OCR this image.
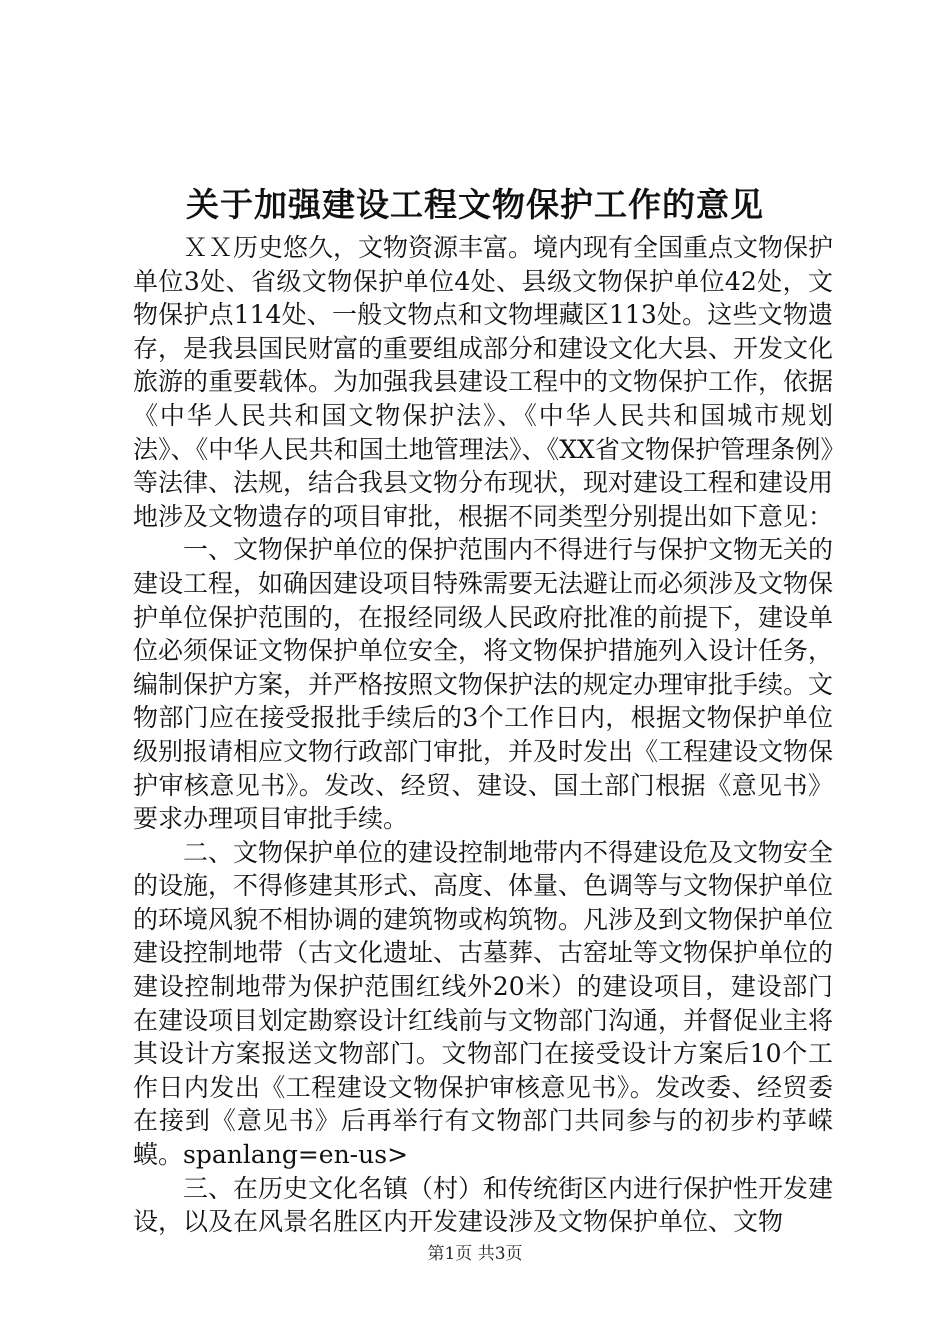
关于加强建设工程文物保护工作的意见

ＸＸ历史悠久，文物资源丰富。境内现有全国重点文物保护单位3处、省级文物保护单位4处、县级文物保护单位42处，文物保护点114处、一般文物点和文物埋藏区113处。这些文物遗存，是我县国民财富的重要组成部分和建设文化大县、开发文化旅游的重要载体。为加强我县建设工程中的文物保护工作，依据《中华人民共和国文物保护法》、《中华人民共和国城市规划法》、《中华人民共和国土地管理法》、《XX省文物保护管理条例》等法律、法规，结合我县文物分布现状，现对建设工程和建设用地涉及文物遗存的项目审批，根据不同类型分别提出如下意见：

一、文物保护单位的保护范围内不得进行与保护文物无关的建设工程，如确因建设项目特殊需要无法避让而必须涉及文物保护单位保护范围的，在报经同级人民政府批准的前提下，建设单位必须保证文物保护单位安全，将文物保护措施列入设计任务，编制保护方案，并严格按照文物保护法的规定办理审批手续。文物部门应在接受报批手续后的3个工作日内，根据文物保护单位级别报请相应文物行政部门审批，并及时发出《工程建设文物保护审核意见书》。发改、经贸、建设、国土部门根据《意见书》要求办理项目审批手续。

二、文物保护单位的建设控制地带内不得建设危及文物安全的设施，不得修建其形式、高度、体量、色调等与文物保护单位的环境风貌不相协调的建筑物或构筑物。凡涉及到文物保护单位建设控制地带（古文化遗址、古墓葬、古窑址等文物保护单位的建设控制地带为保护范围红线外20米）的建设项目，建设部门在建设项目划定勘察设计红线前与文物部门沟通，并督促业主将其设计方案报送文物部门。文物部门在接受设计方案后10个工作日内发出《工程建设文物保护审核意见书》。发改委、经贸委在接到《意见书》后再举行有文物部门共同参与的初步杓苸嵘蟆。spanlang=en-us>

三、在历史文化名镇（村）和传统街区内进行保护性开发建设，以及在风景名胜区内开发建设涉及文物保护单位、文物

第1页 共3页
